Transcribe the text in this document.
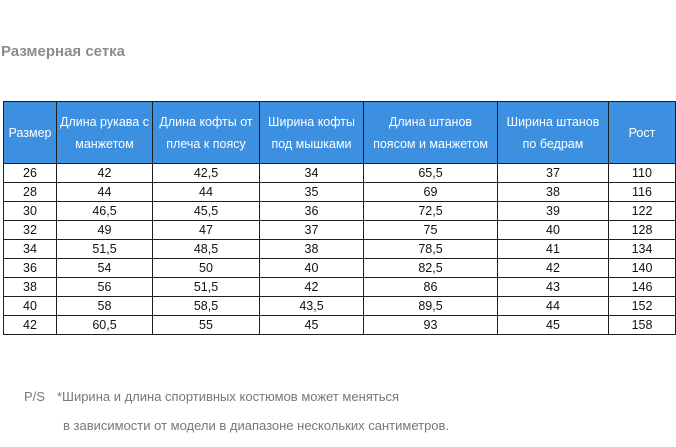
Размерная сетка
Размер	Длина рукава с манжетом	Длина кофты от плеча к поясу	Ширина кофты под мышками	Длина штанов поясом и манжетом	Ширина штанов по бедрам	Рост
26	42	42,5	34	65,5	37	110
28	44	44	35	69	38	116
30	46,5	45,5	36	72,5	39	122
32	49	47	37	75	40	128
34	51,5	48,5	38	78,5	41	134
36	54	50	40	82,5	42	140
38	56	51,5	42	86	43	146
40	58	58,5	43,5	89,5	44	152
42	60,5	55	45	93	45	158
P/S *Ширина и длина спортивных костюмов может меняться
в зависимости от модели в диапазоне нескольких сантиметров.
